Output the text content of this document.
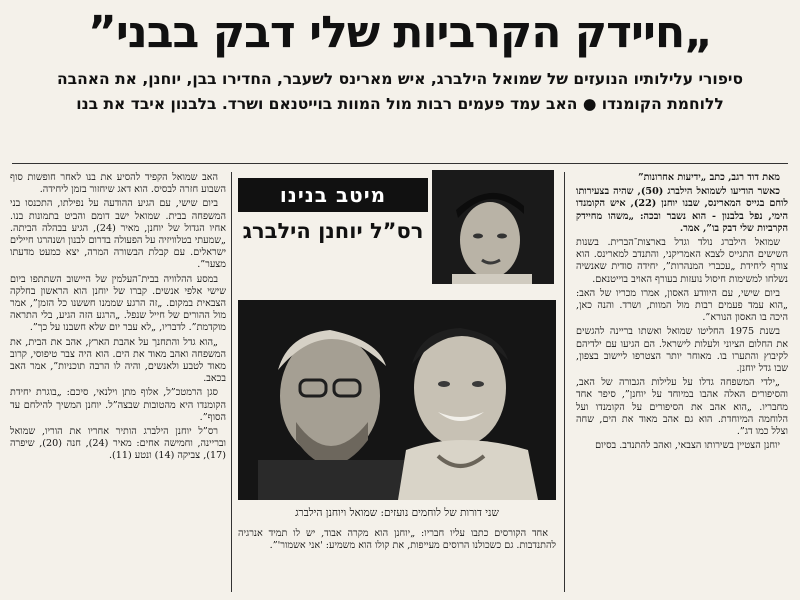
„חיידק הקרביות שלי דבק בבני”
סיפורי עלילותיו הנועזים של שמואל הילברג, איש מארינס לשעבר, החדירו בבן, יוחנן, את האהבה
ללוחמת הקומנדו ● האב עמד פעמים רבות מול המוות בוייטנאם ושרד. בלבנון איבד את בנו

מאת דוד רגב, כתב „ידיעות אחרונות”

כאשר הודיעו לשמואל הילברג (50), שהיה בצעירותו לוחם בגייס המארינס, שבנו יוחנן (22), איש הקומנדו הימי, נפל בלבנון - הוא נשבר ובכה: „משהו מחיידק הקרביות שלי דבק בו”, אמר.

שמואל הילברג נולד וגדל בארצות־הברית. בשנות השישים התגייס לצבא האמריקני, והתנדב למארינס. הוא צורף ליחידת „עכברי המנהרות”, יחידה סודית שאנשיה נשלחו למשימות חיסול נועזות בעורף האויב בוייטנאם.

ביום שישי, עם היוודע האסון, אמרו מכריו של האב: „הוא עמד פעמים רבות מול המוות, ושרד. והנה כאן, היכה בו האסון הנורא”.

בשנת 1975 החליטו שמואל ואשתו בריינה להגשים את החלום הציוני ולעלות לישראל. הם הגיעו עם ילדיהם לקיבוץ והתערו בו. מאוחר יותר הצטרפו ליישוב בצפון, שבו גדל יוחנן.

„ילדי המשפחה גדלו על עלילות הגבורה של האב, והסיפורים האלה אהבו במיוחד על יוחנן”, סיפר אחד מחבריו. „הוא אהב את הסיפורים על הקומנדו ועל הלוחמה המיוחדת. הוא גם אהב מאוד את הים, שחה וצלל כמו דג”.

יוחנן הצטיין בשירותו הצבאי, ואהב להתנדב. בסיום

מיטב בנינו
רס”ל יוחנן הילברג
שני דורות של לוחמים נועזים: שמואל ויוחנן הילברג

אחד הקורסים כתבו עליו חבריו: „יוחנן הוא מקרה אבוד, יש לו תמיד אנרגיה להתנדבות. גם כשכולנו הרוסים מעייפות, את קולו הוא משמיע: 'אני אשמור'”.

האב שמואל הקפיד להסיע את בנו לאחר חופשות סוף השבוע חזרה לבסיס. הוא דאג שיחזור בזמן ליחידה.

ביום שישי, עם הגיע ההודעה על נפילתו, התכנסו בני המשפחה בבית. שמואל ישב דומם והביט בתמונות בנו. אחיו הגדול של יוחנן, מאיר (24), הגיע בבהלה הביתה. „שמעתי בטלוויזיה על הפעולה בדרום לבנון ושנהרגו חיילים ישראלים. עם קבלת הבשורה המרה, יצא כמעט מדעתו מצער”.

במסע ההלוויה בבית־העלמין של היישוב השתתפו ביום שישי אלפי אנשים. קברו של יוחנן הוא הראשון בחלקה הצבאית במקום. „זה הרגע שממנו חששנו כל הזמן”, אמר מול ההורים של חייל שנפל. „הרגע הזה הגיע, בלי התראה מוקדמת”. לדבריו, „לא עבר יום שלא חשבנו על כך”.

„הוא גדל והתחנך על אהבת הארץ, אהב את הבית, את המשפחה ואהב מאוד את הים. הוא היה צבר טיפוסי, קרוב מאוד לטבע ולאנשים, והיה לו הרבה תוכניות”, אמר האב בכאב.

סגן הרמטכ”ל, אלוף מתן וילנאי, סיכם: „בוגרת יחידת הקומנדו היא מהטובות שבצה”ל. יוחנן המשיך להילחם עד הסוף”.

רס”ל יוחנן הילברג הותיר אחריו את הוריו, שמואל ובריינה, וחמישה אחים: מאיר (24), חנה (20), שיפרה (17), צביקה (14) ונטע (11).
